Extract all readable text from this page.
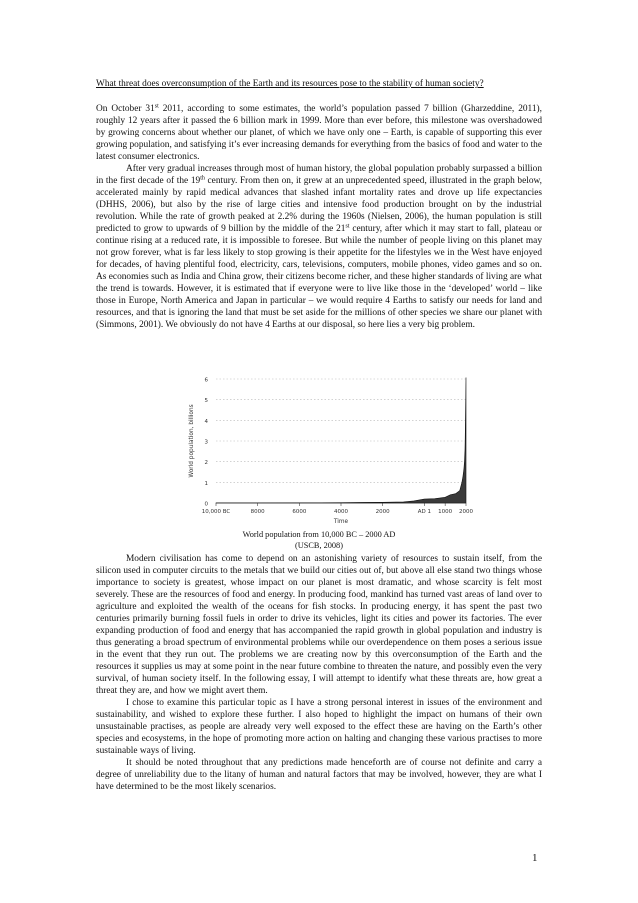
What threat does overconsumption of the Earth and its resources pose to the stability of human society?

On October 31st 2011, according to some estimates, the world’s population passed 7 billion (Gharzeddine, 2011), roughly 12 years after it passed the 6 billion mark in 1999. More than ever before, this milestone was overshadowed by growing concerns about whether our planet, of which we have only one – Earth, is capable of supporting this ever growing population, and satisfying it’s ever increasing demands for everything from the basics of food and water to the latest consumer electronics.

After very gradual increases through most of human history, the global population probably surpassed a billion in the first decade of the 19th century. From then on, it grew at an unprecedented speed, illustrated in the graph below, accelerated mainly by rapid medical advances that slashed infant mortality rates and drove up life expectancies (DHHS, 2006), but also by the rise of large cities and intensive food production brought on by the industrial revolution. While the rate of growth peaked at 2.2% during the 1960s (Nielsen, 2006), the human population is still predicted to grow to upwards of 9 billion by the middle of the 21st century, after which it may start to fall, plateau or continue rising at a reduced rate, it is impossible to foresee. But while the number of people living on this planet may not grow forever, what is far less likely to stop growing is their appetite for the lifestyles we in the West have enjoyed for decades, of having plentiful food, electricity, cars, televisions, computers, mobile phones, video games and so on. As economies such as India and China grow, their citizens become richer, and these higher standards of living are what the trend is towards. However, it is estimated that if everyone were to live like those in the ‘developed’ world – like those in Europe, North America and Japan in particular – we would require 4 Earths to satisfy our needs for land and resources, and that is ignoring the land that must be set aside for the millions of other species we share our planet with (Simmons, 2001). We obviously do not have 4 Earths at our disposal, so here lies a very big problem.

0
1
2
3
4
5
6
10,000 BC	8000	6000	4000	2000	AD 1 1000 2000
Time
World population, billions
World population from 10,000 BC – 2000 AD
(USCB, 2008)

Modern civilisation has come to depend on an astonishing variety of resources to sustain itself, from the silicon used in computer circuits to the metals that we build our cities out of, but above all else stand two things whose importance to society is greatest, whose impact on our planet is most dramatic, and whose scarcity is felt most severely. These are the resources of food and energy. In producing food, mankind has turned vast areas of land over to agriculture and exploited the wealth of the oceans for fish stocks. In producing energy, it has spent the past two centuries primarily burning fossil fuels in order to drive its vehicles, light its cities and power its factories. The ever expanding production of food and energy that has accompanied the rapid growth in global population and industry is thus generating a broad spectrum of environmental problems while our overdependence on them poses a serious issue in the event that they run out. The problems we are creating now by this overconsumption of the Earth and the resources it supplies us may at some point in the near future combine to threaten the nature, and possibly even the very survival, of human society itself. In the following essay, I will attempt to identify what these threats are, how great a threat they are, and how we might avert them.

I chose to examine this particular topic as I have a strong personal interest in issues of the environment and sustainability, and wished to explore these further. I also hoped to highlight the impact on humans of their own unsustainable practises, as people are already very well exposed to the effect these are having on the Earth’s other species and ecosystems, in the hope of promoting more action on halting and changing these various practises to more sustainable ways of living.

It should be noted throughout that any predictions made henceforth are of course not definite and carry a degree of unreliability due to the litany of human and natural factors that may be involved, however, they are what I have determined to be the most likely scenarios.

1
